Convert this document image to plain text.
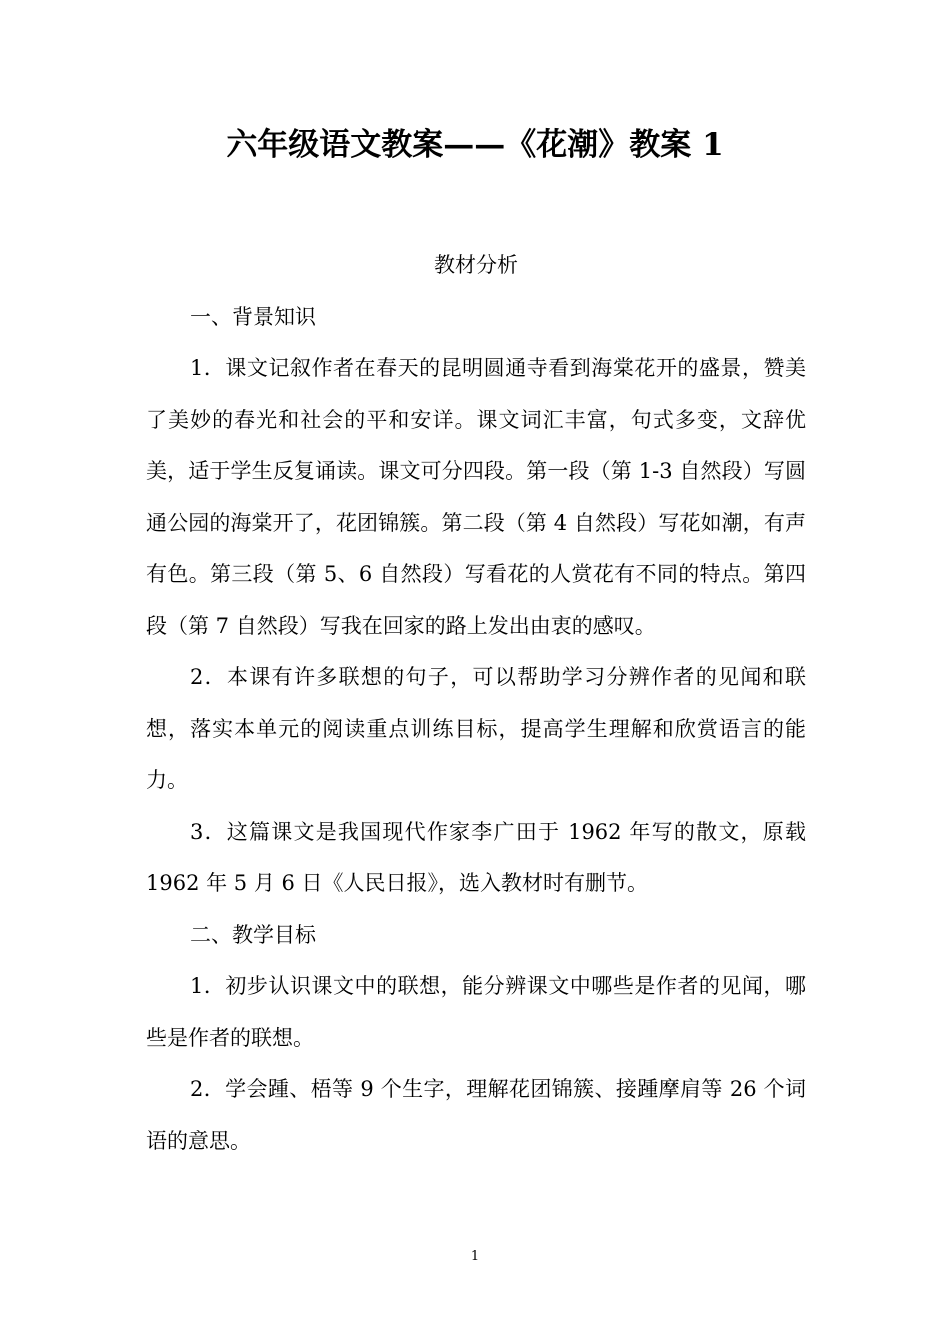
六年级语文教案——《花潮》教案 1

教材分析

一、背景知识

1．课文记叙作者在春天的昆明圆通寺看到海棠花开的盛景，赞美了美妙的春光和社会的平和安详。课文词汇丰富，句式多变，文辞优美，适于学生反复诵读。课文可分四段。第一段（第 1-3 自然段）写圆通公园的海棠开了，花团锦簇。第二段（第 4 自然段）写花如潮，有声有色。第三段（第 5、6 自然段）写看花的人赏花有不同的特点。第四段（第 7 自然段）写我在回家的路上发出由衷的感叹。

2．本课有许多联想的句子，可以帮助学习分辨作者的见闻和联想，落实本单元的阅读重点训练目标，提高学生理解和欣赏语言的能力。

3．这篇课文是我国现代作家李广田于 1962 年写的散文，原载 1962 年 5 月 6 日《人民日报》，选入教材时有删节。

二、教学目标

1．初步认识课文中的联想，能分辨课文中哪些是作者的见闻，哪些是作者的联想。

2．学会踵、梧等 9 个生字，理解花团锦簇、接踵摩肩等 26 个词语的意思。

1
